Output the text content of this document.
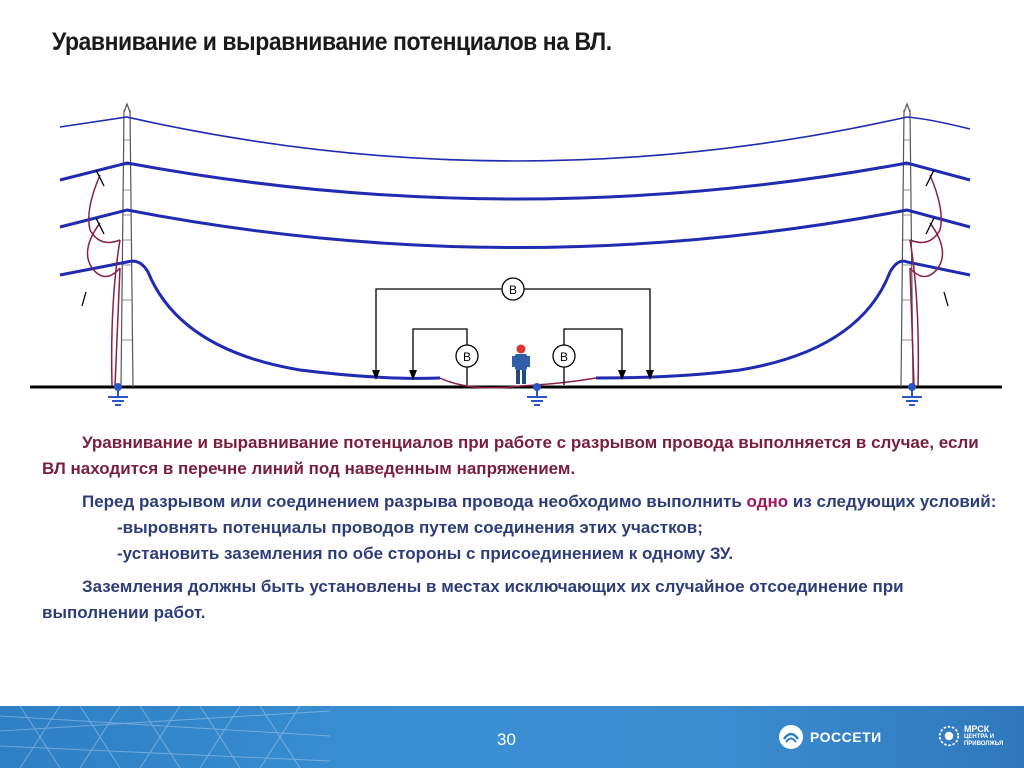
Уравнивание и выравнивание потенциалов на ВЛ.
В
В	В

Уравнивание и выравнивание потенциалов при работе с разрывом провода выполняется в случае, если ВЛ находится в перечне линий под наведенным напряжением.

Перед разрывом или соединением разрыва провода необходимо выполнить одно из следующих условий:

-выровнять потенциалы проводов путем соединения этих участков;

-установить заземления по обе стороны с присоединением к одному ЗУ.

Заземления должны быть установлены в местах исключающих их случайное отсоединение при выполнении работ.

30	РОССЕТИ	МРСК
ЦЕНТРА И ПРИВОЛЖЬЯ
